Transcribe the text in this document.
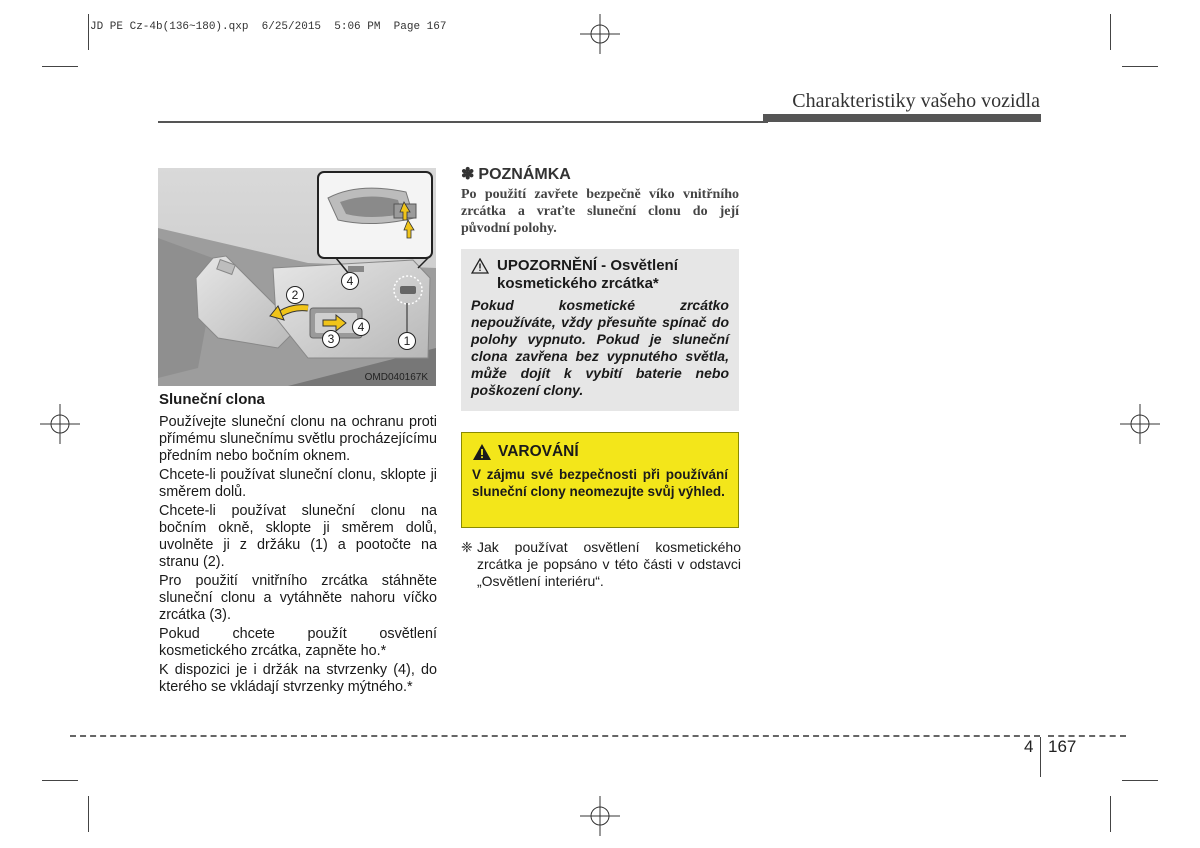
JD PE Cz-4b(136~180).qxp  6/25/2015  5:06 PM  Page 167
Charakteristiky vašeho vozidla
4
2
4
3	1
OMD040167K
Sluneční clona

Používejte sluneční clonu na ochranu proti přímému slunečnímu světlu procházejícímu předním nebo bočním oknem.

Chcete-li používat sluneční clonu, sklopte ji směrem dolů.

Chcete-li používat sluneční clonu na bočním okně, sklopte ji směrem dolů, uvolněte ji z držáku (1) a pootočte na stranu (2).

Pro použití vnitřního zrcátka stáhněte sluneční clonu a vytáhněte nahoru víčko zrcátka (3).

Pokud chcete použít osvětlení kosmetického zrcátka, zapněte ho.*

K dispozici je i držák na stvrzenky (4), do kterého se vkládají stvrzenky mýtného.*

✽ POZNÁMKA
Po použití zavřete bezpečně víko vnitřního zrcátka a vraťte sluneční clonu do její původní polohy.
UPOZORNĚNÍ - Osvětlení kosmetického zrcátka*
Pokud kosmetické zrcátko nepoužíváte, vždy přesuňte spínač do polohy vypnuto. Pokud je sluneční clona zavřena bez vypnutého světla, může dojít k vybití baterie nebo poškození clony.
VAROVÁNÍ
V zájmu své bezpečnosti při používání sluneční clony neomezujte svůj výhled.
❈ Jak používat osvětlení kosmetického zrcátka je popsáno v této části v odstavci „Osvětlení interiéru“.
4 167
